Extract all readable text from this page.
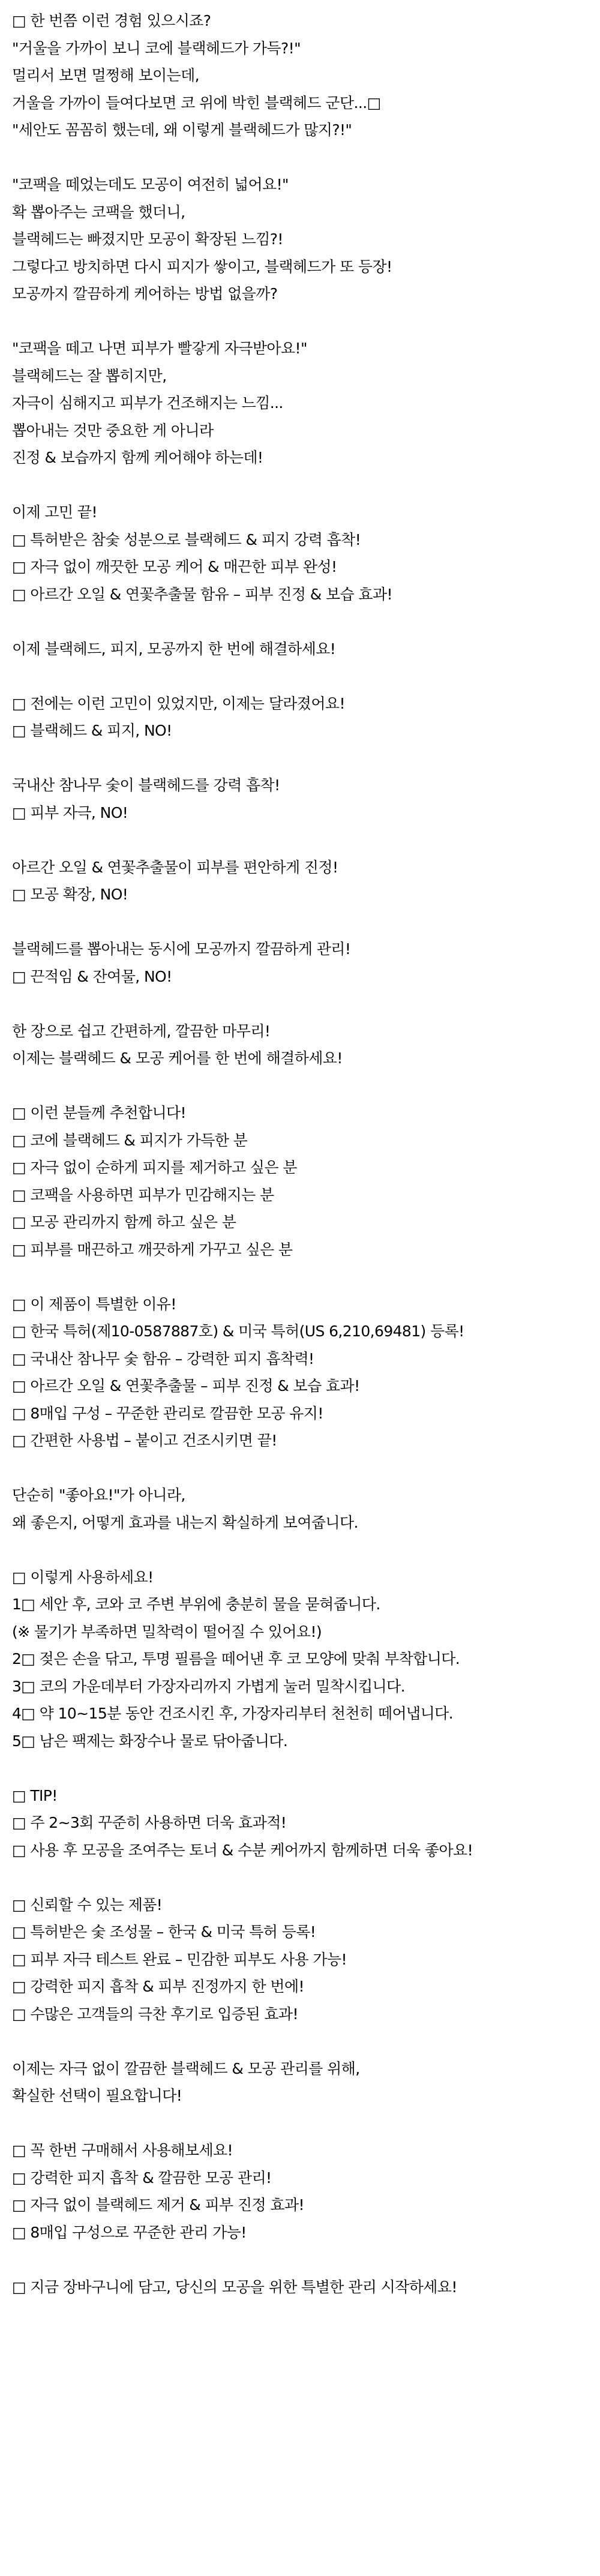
□ 한 번쯤 이런 경험 있으시죠?
"거울을 가까이 보니 코에 블랙헤드가 가득?!"
멀리서 보면 멀쩡해 보이는데,
거울을 가까이 들여다보면 코 위에 박힌 블랙헤드 군단...□
"세안도 꼼꼼히 했는데, 왜 이렇게 블랙헤드가 많지?!"
"코팩을 떼었는데도 모공이 여전히 넓어요!"
확 뽑아주는 코팩을 했더니,
블랙헤드는 빠졌지만 모공이 확장된 느낌?!
그렇다고 방치하면 다시 피지가 쌓이고, 블랙헤드가 또 등장!
모공까지 깔끔하게 케어하는 방법 없을까?
"코팩을 떼고 나면 피부가 빨갛게 자극받아요!"
블랙헤드는 잘 뽑히지만,
자극이 심해지고 피부가 건조해지는 느낌...
뽑아내는 것만 중요한 게 아니라
진정 & 보습까지 함께 케어해야 하는데!
이제 고민 끝!
□ 특허받은 참숯 성분으로 블랙헤드 & 피지 강력 흡착!
□ 자극 없이 깨끗한 모공 케어 & 매끈한 피부 완성!
□ 아르간 오일 & 연꽃추출물 함유 – 피부 진정 & 보습 효과!
이제 블랙헤드, 피지, 모공까지 한 번에 해결하세요!
□ 전에는 이런 고민이 있었지만, 이제는 달라졌어요!
□ 블랙헤드 & 피지, NO!
국내산 참나무 숯이 블랙헤드를 강력 흡착!
□ 피부 자극, NO!
아르간 오일 & 연꽃추출물이 피부를 편안하게 진정!
□ 모공 확장, NO!
블랙헤드를 뽑아내는 동시에 모공까지 깔끔하게 관리!
□ 끈적임 & 잔여물, NO!
한 장으로 쉽고 간편하게, 깔끔한 마무리!
이제는 블랙헤드 & 모공 케어를 한 번에 해결하세요!
□ 이런 분들께 추천합니다!
□ 코에 블랙헤드 & 피지가 가득한 분
□ 자극 없이 순하게 피지를 제거하고 싶은 분
□ 코팩을 사용하면 피부가 민감해지는 분
□ 모공 관리까지 함께 하고 싶은 분
□ 피부를 매끈하고 깨끗하게 가꾸고 싶은 분
□ 이 제품이 특별한 이유!
□ 한국 특허(제10-0587887호) & 미국 특허(US 6,210,69481) 등록!
□ 국내산 참나무 숯 함유 – 강력한 피지 흡착력!
□ 아르간 오일 & 연꽃추출물 – 피부 진정 & 보습 효과!
□ 8매입 구성 – 꾸준한 관리로 깔끔한 모공 유지!
□ 간편한 사용법 – 붙이고 건조시키면 끝!
단순히 "좋아요!"가 아니라,
왜 좋은지, 어떻게 효과를 내는지 확실하게 보여줍니다.
□ 이렇게 사용하세요!
1□ 세안 후, 코와 코 주변 부위에 충분히 물을 묻혀줍니다.
(※ 물기가 부족하면 밀착력이 떨어질 수 있어요!)
2□ 젖은 손을 닦고, 투명 필름을 떼어낸 후 코 모양에 맞춰 부착합니다.
3□ 코의 가운데부터 가장자리까지 가볍게 눌러 밀착시킵니다.
4□ 약 10~15분 동안 건조시킨 후, 가장자리부터 천천히 떼어냅니다.
5□ 남은 팩제는 화장수나 물로 닦아줍니다.
□ TIP!
□ 주 2~3회 꾸준히 사용하면 더욱 효과적!
□ 사용 후 모공을 조여주는 토너 & 수분 케어까지 함께하면 더욱 좋아요!
□ 신뢰할 수 있는 제품!
□ 특허받은 숯 조성물 – 한국 & 미국 특허 등록!
□ 피부 자극 테스트 완료 – 민감한 피부도 사용 가능!
□ 강력한 피지 흡착 & 피부 진정까지 한 번에!
□ 수많은 고객들의 극찬 후기로 입증된 효과!
이제는 자극 없이 깔끔한 블랙헤드 & 모공 관리를 위해,
확실한 선택이 필요합니다!
□ 꼭 한번 구매해서 사용해보세요!
□ 강력한 피지 흡착 & 깔끔한 모공 관리!
□ 자극 없이 블랙헤드 제거 & 피부 진정 효과!
□ 8매입 구성으로 꾸준한 관리 가능!
□ 지금 장바구니에 담고, 당신의 모공을 위한 특별한 관리 시작하세요!
